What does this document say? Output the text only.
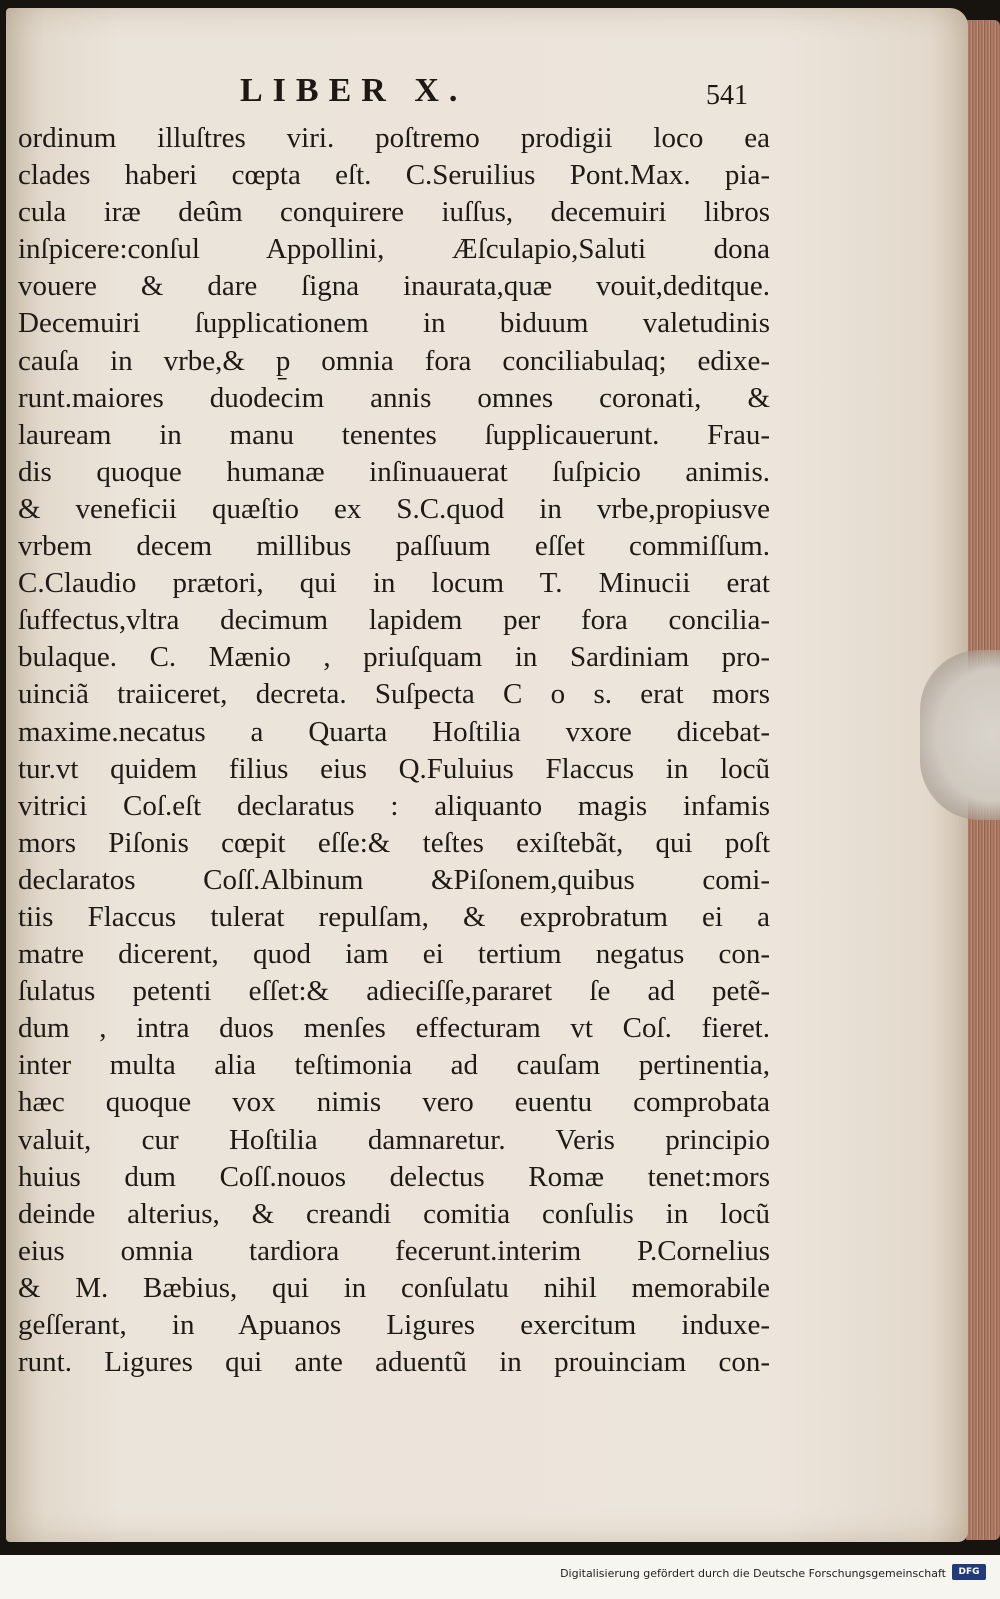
LIBER X.	541
ordinum illuſtres viri. poſtremo prodigii loco ea
clades haberi cœpta eſt. C.Seruilius Pont.Max. pia-
cula iræ deûm conquirere iuſſus, decemuiri libros
inſpicere:conſul Appollini, Æſculapio,Saluti dona
vouere & dare ſigna inaurata,quæ vouit,deditque.
Decemuiri ſupplicationem in biduum valetudinis
cauſa in vrbe,& p̱ omnia fora conciliabulaq; edixe-
runt.maiores duodecim annis omnes coronati, &
lauream in manu tenentes ſupplicauerunt. Frau-
dis quoque humanæ inſinuauerat ſuſpicio animis.
& veneficii quæſtio ex S.C.quod in vrbe,propiusve
vrbem decem millibus paſſuum eſſet commiſſum.
C.Claudio prætori, qui in locum T. Minucii erat
ſuffectus,vltra decimum lapidem per fora concilia-
bulaque. C. Mænio , priuſquam in Sardiniam pro-
uinciã traiiceret, decreta. Suſpecta C o s. erat mors
maxime.necatus a Quarta Hoſtilia vxore dicebat-
tur.vt quidem filius eius Q.Fuluius Flaccus in locũ
vitrici Coſ.eſt declaratus : aliquanto magis infamis
mors Piſonis cœpit eſſe:& teſtes exiſtebãt, qui poſt
declaratos Coſſ.Albinum &Piſonem,quibus comi-
tiis Flaccus tulerat repulſam, & exprobratum ei a
matre dicerent, quod iam ei tertium negatus con-
ſulatus petenti eſſet:& adieciſſe,pararet ſe ad petẽ-
dum , intra duos menſes effecturam vt Coſ. fieret.
inter multa alia teſtimonia ad cauſam pertinentia,
hæc quoque vox nimis vero euentu comprobata
valuit, cur Hoſtilia damnaretur. Veris principio
huius dum Coſſ.nouos delectus Romæ tenet:mors
deinde alterius, & creandi comitia conſulis in locũ
eius omnia tardiora fecerunt.interim P.Cornelius
& M. Bæbius, qui in conſulatu nihil memorabile
geſſerant, in Apuanos Ligures exercitum induxe-
runt. Ligures qui ante aduentũ in prouinciam con-
Digitalisierung gefördert durch die Deutsche Forschungsgemeinschaft	DFG
